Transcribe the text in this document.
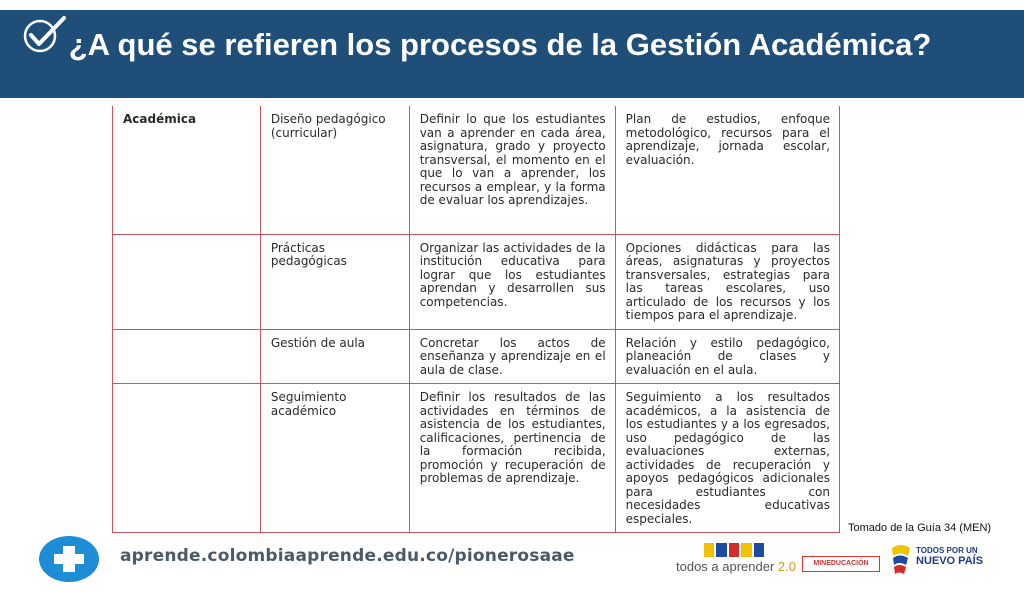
¿A qué se refieren los procesos de la Gestión Académica?
Académica	Diseño pedagógico (curricular)	Definir lo que los estudiantes van a aprender en cada área, asignatura, grado y proyecto transversal, el momento en el que lo van a aprender, los recursos a emplear, y la forma de evaluar los aprendizajes.	Plan de estudios, enfoque metodológico, recursos para el aprendizaje, jornada escolar, evaluación.
	Prácticas pedagógicas	Organizar las actividades de la institución educativa para lograr que los estudiantes aprendan y desarrollen sus competencias.	Opciones didácticas para las áreas, asignaturas y proyectos transversales, estrategias para las tareas escolares, uso articulado de los recursos y los tiempos para el aprendizaje.
	Gestión de aula	Concretar los actos de enseñanza y aprendizaje en el aula de clase.	Relación y estilo pedagógico, planeación de clases y evaluación en el aula.
	Seguimiento académico	Definir los resultados de las actividades en términos de asistencia de los estudiantes, calificaciones, pertinencia de la formación recibida, promoción y recuperación de problemas de aprendizaje.	Seguimiento a los resultados académicos, a la asistencia de los estudiantes y a los egresados, uso pedagógico de las evaluaciones externas, actividades de recuperación y apoyos pedagógicos adicionales para estudiantes con necesidades educativas especiales.
Tomado de la Guía 34 (MEN)
aprende.colombiaaprende.edu.co/pionerosaae
todos a aprender 2.0	MINEDUCACIÓN
TODOS POR UN
NUEVO PAÍS
